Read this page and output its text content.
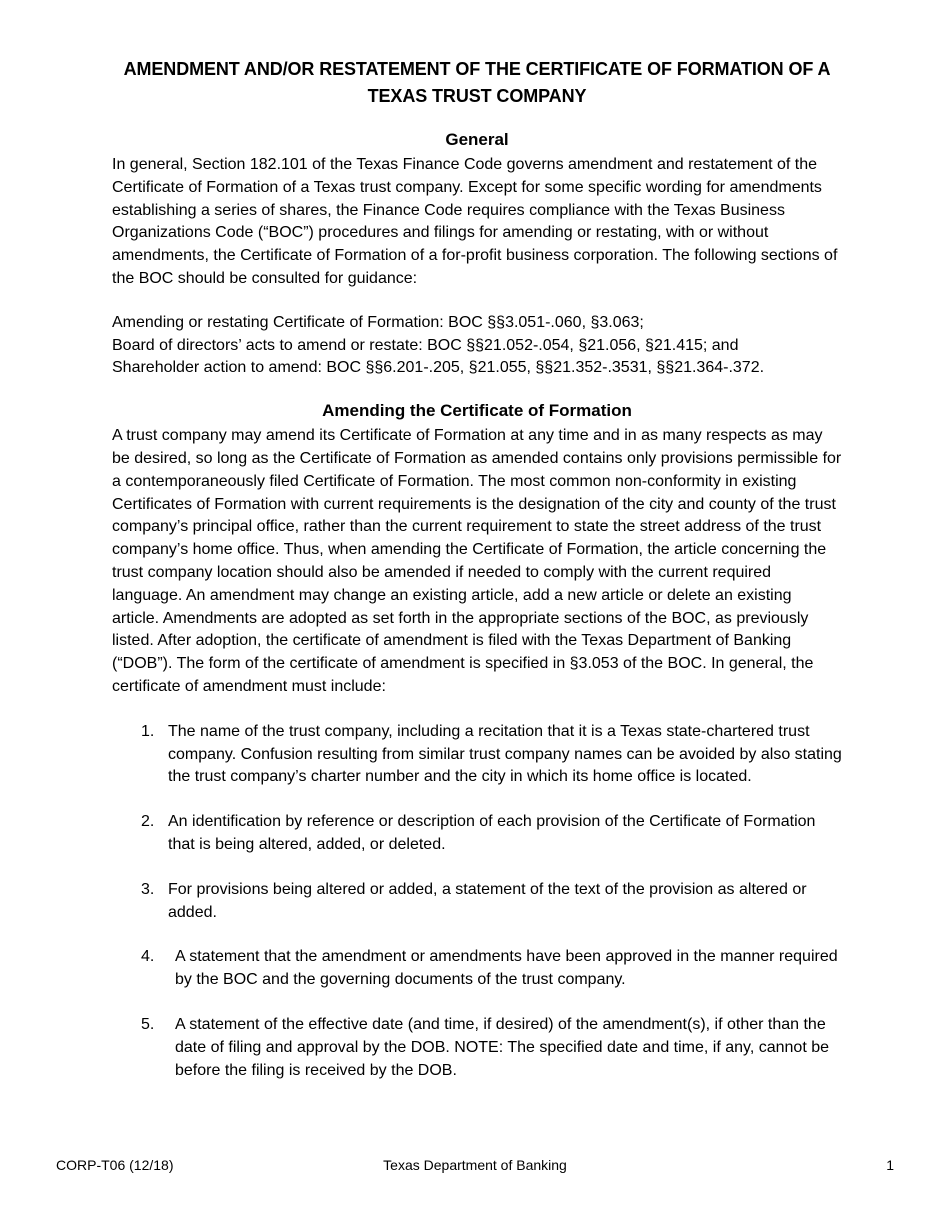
AMENDMENT AND/OR RESTATEMENT OF THE CERTIFICATE OF FORMATION OF A TEXAS TRUST COMPANY
General

In general, Section 182.101 of the Texas Finance Code governs amendment and restatement of the Certificate of Formation of a Texas trust company. Except for some specific wording for amendments establishing a series of shares, the Finance Code requires compliance with the Texas Business Organizations Code (“BOC”) procedures and filings for amending or restating, with or without amendments, the Certificate of Formation of a for-profit business corporation. The following sections of the BOC should be consulted for guidance:

Amending or restating Certificate of Formation: BOC §§3.051-.060, §3.063;
Board of directors’ acts to amend or restate: BOC §§21.052-.054, §21.056, §21.415; and
Shareholder action to amend: BOC §§6.201-.205, §21.055, §§21.352-.3531, §§21.364-.372.
Amending the Certificate of Formation

A trust company may amend its Certificate of Formation at any time and in as many respects as may be desired, so long as the Certificate of Formation as amended contains only provisions permissible for a contemporaneously filed Certificate of Formation. The most common non-conformity in existing Certificates of Formation with current requirements is the designation of the city and county of the trust company’s principal office, rather than the current requirement to state the street address of the trust company’s home office. Thus, when amending the Certificate of Formation, the article concerning the trust company location should also be amended if needed to comply with the current required language. An amendment may change an existing article, add a new article or delete an existing article. Amendments are adopted as set forth in the appropriate sections of the BOC, as previously listed. After adoption, the certificate of amendment is filed with the Texas Department of Banking (“DOB”). The form of the certificate of amendment is specified in §3.053 of the BOC. In general, the certificate of amendment must include:

1. The name of the trust company, including a recitation that it is a Texas state-chartered trust company. Confusion resulting from similar trust company names can be avoided by also stating the trust company’s charter number and the city in which its home office is located.
2. An identification by reference or description of each provision of the Certificate of Formation that is being altered, added, or deleted.
3. For provisions being altered or added, a statement of the text of the provision as altered or added.
4. A statement that the amendment or amendments have been approved in the manner required by the BOC and the governing documents of the trust company.
5. A statement of the effective date (and time, if desired) of the amendment(s), if other than the date of filing and approval by the DOB. NOTE: The specified date and time, if any, cannot be before the filing is received by the DOB.
CORP-T06 (12/18)	Texas Department of Banking	1
